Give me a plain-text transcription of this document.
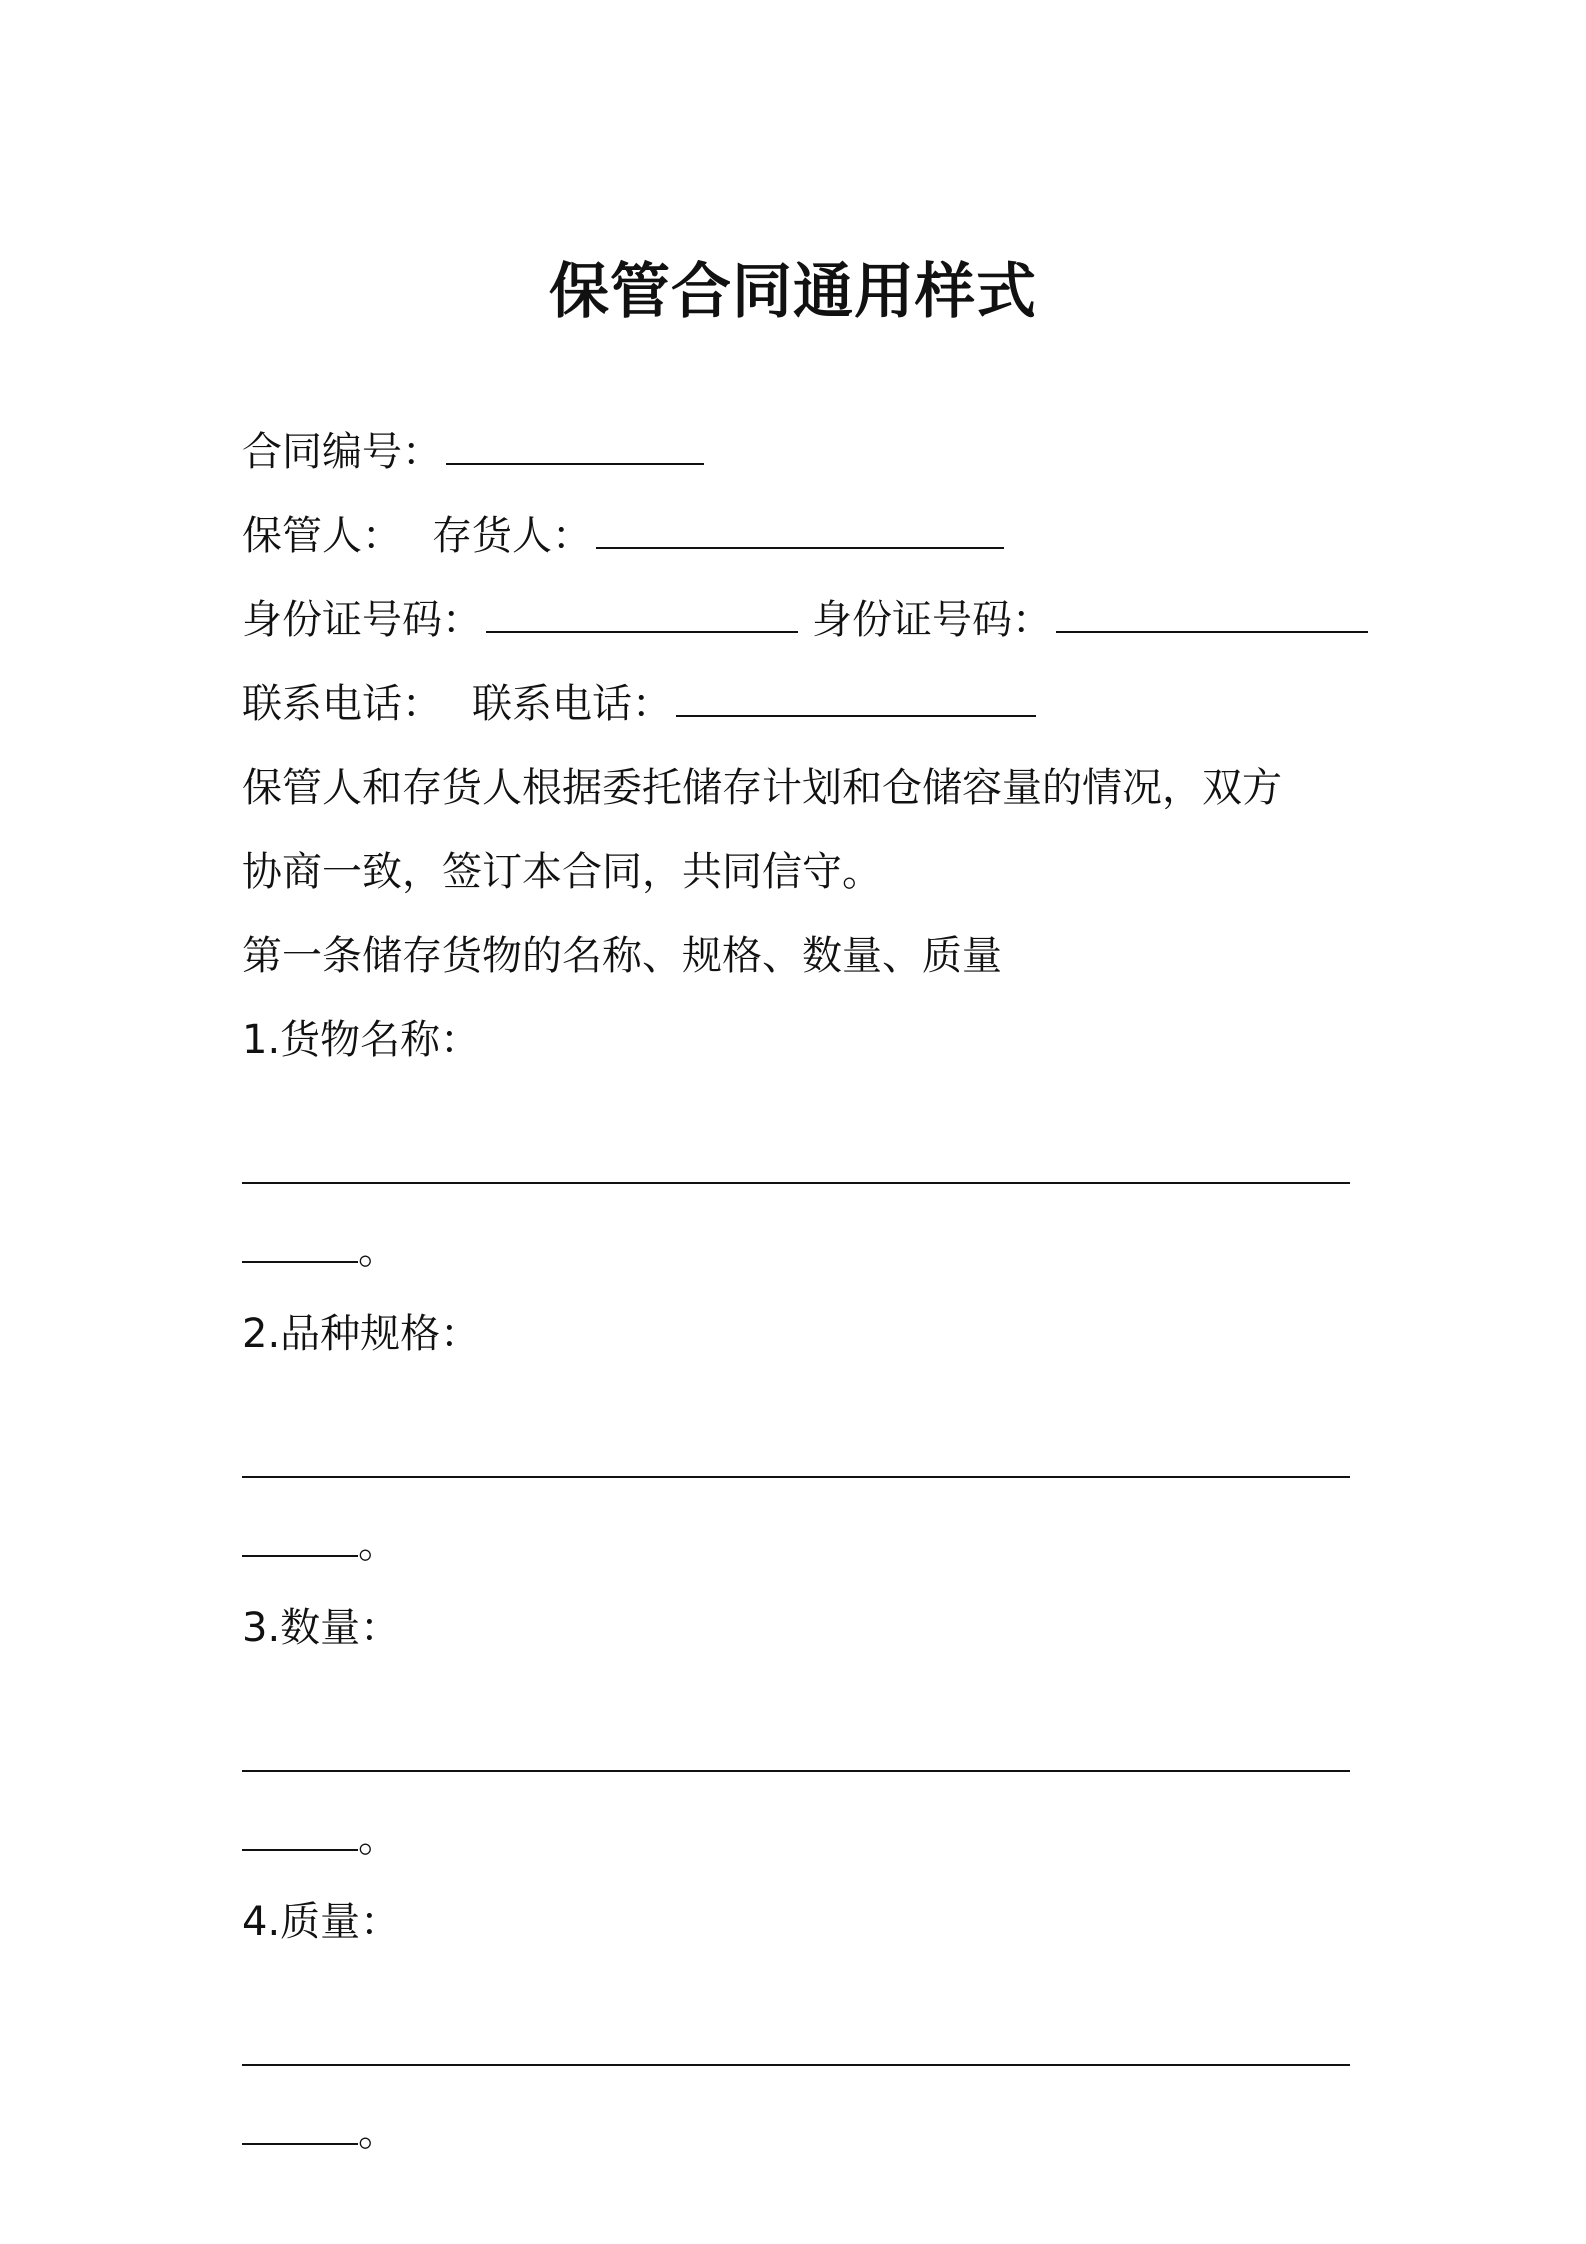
保管合同通用样式
合同编号：
保管人： 存货人：
身份证号码：	身份证号码：
联系电话： 联系电话：
保管人和存货人根据委托储存计划和仓储容量的情况，双方
协商一致，签订本合同，共同信守。
第一条储存货物的名称、规格、数量、质量
1.货物名称：
。
2.品种规格：
。
3.数量：
。
4.质量：
。
